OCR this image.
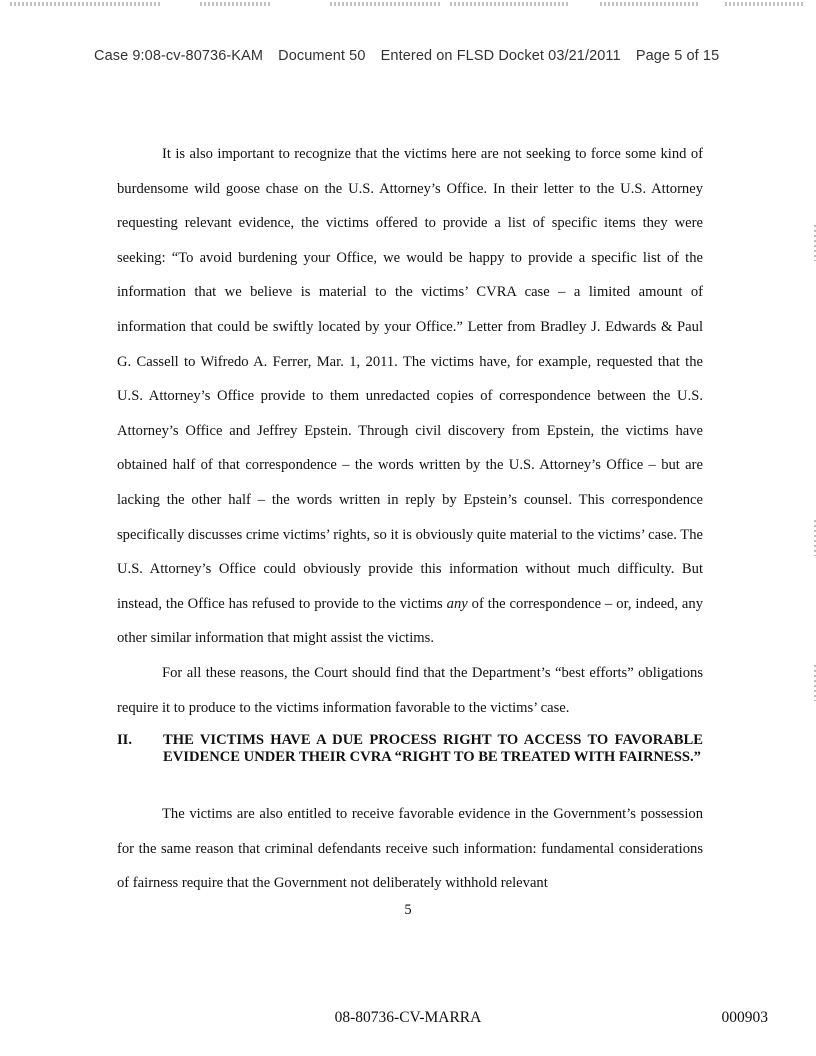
Case 9:08-cv-80736-KAM Document 50 Entered on FLSD Docket 03/21/2011 Page 5 of 15

It is also important to recognize that the victims here are not seeking to force some kind of burdensome wild goose chase on the U.S. Attorney’s Office. In their letter to the U.S. Attorney requesting relevant evidence, the victims offered to provide a list of specific items they were seeking: “To avoid burdening your Office, we would be happy to provide a specific list of the information that we believe is material to the victims’ CVRA case – a limited amount of information that could be swiftly located by your Office.” Letter from Bradley J. Edwards & Paul G. Cassell to Wifredo A. Ferrer, Mar. 1, 2011. The victims have, for example, requested that the U.S. Attorney’s Office provide to them unredacted copies of correspondence between the U.S. Attorney’s Office and Jeffrey Epstein. Through civil discovery from Epstein, the victims have obtained half of that correspondence – the words written by the U.S. Attorney’s Office – but are lacking the other half – the words written in reply by Epstein’s counsel. This correspondence specifically discusses crime victims’ rights, so it is obviously quite material to the victims’ case. The U.S. Attorney’s Office could obviously provide this information without much difficulty. But instead, the Office has refused to provide to the victims any of the correspondence – or, indeed, any other similar information that might assist the victims.

For all these reasons, the Court should find that the Department’s “best efforts” obligations require it to produce to the victims information favorable to the victims’ case.

II. THE VICTIMS HAVE A DUE PROCESS RIGHT TO ACCESS TO FAVORABLE EVIDENCE UNDER THEIR CVRA “RIGHT TO BE TREATED WITH FAIRNESS.”

The victims are also entitled to receive favorable evidence in the Government’s possession for the same reason that criminal defendants receive such information: fundamental considerations of fairness require that the Government not deliberately withhold relevant

5
08-80736-CV-MARRA	000903
